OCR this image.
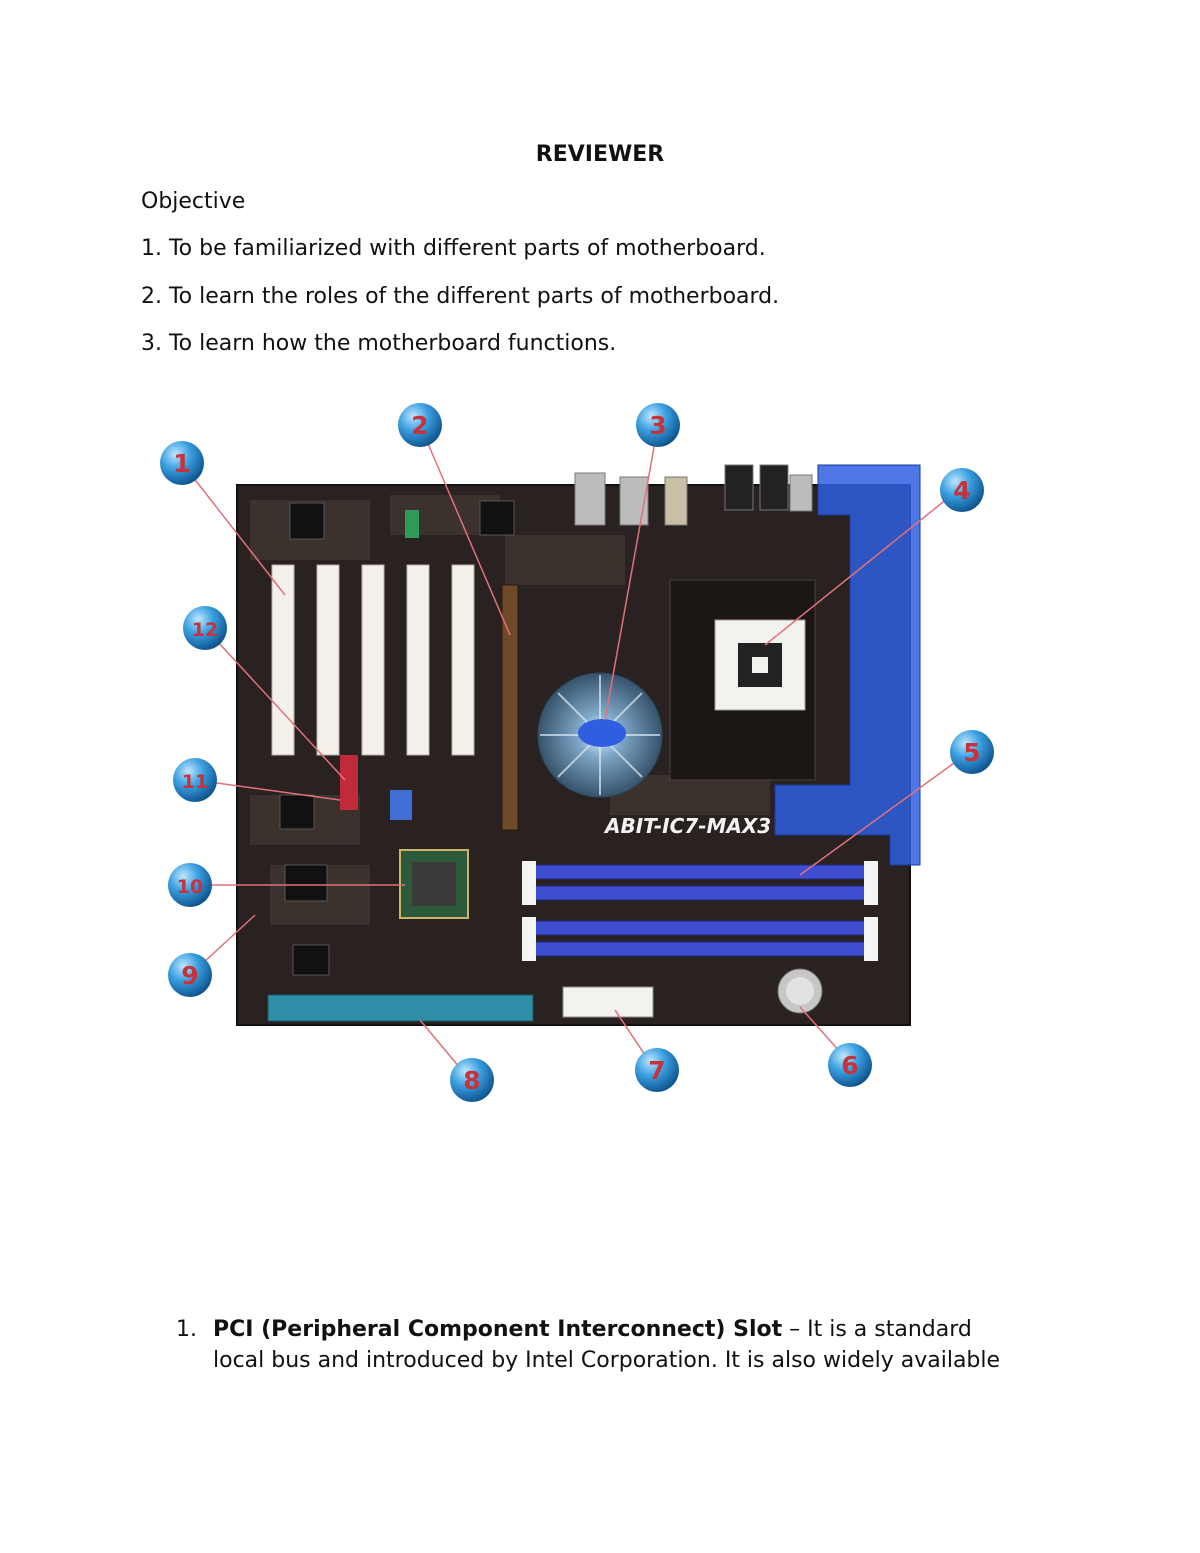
REVIEWER
Objective
1. To be familiarized with different parts of motherboard.
2. To learn the roles of the different parts of motherboard.
3. To learn how the motherboard functions.
ABIT-IC7-MAX3
1
2	3
4
5
6
7
8
9
10
11
12
1. PCI (Peripheral Component Interconnect) Slot – It is a standard
local bus and introduced by Intel Corporation. It is also widely available
